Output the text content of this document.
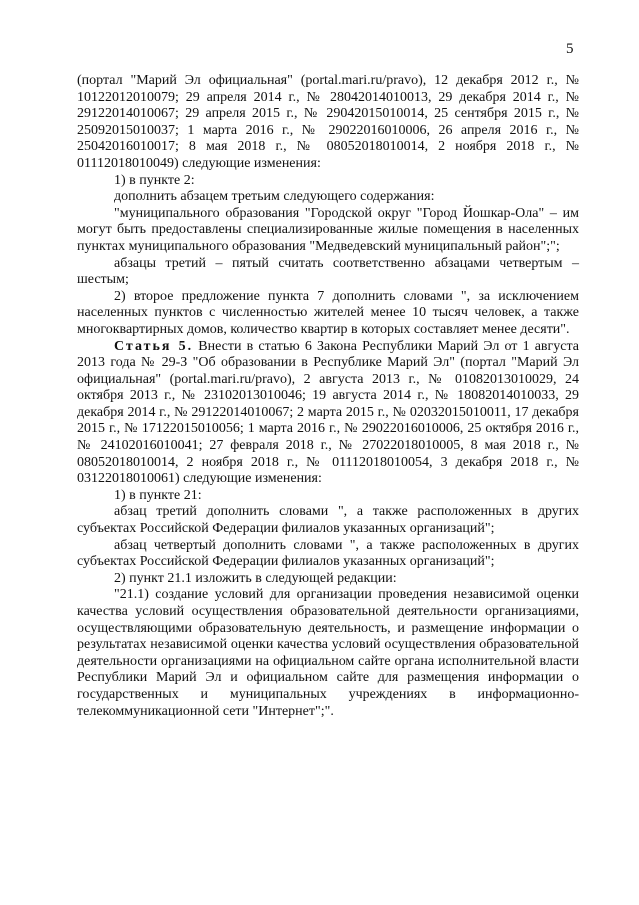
5

(портал "Марий Эл официальная" (portal.mari.ru/pravo), 12 декабря 2012 г., № 10122012010079; 29 апреля 2014 г., № 28042014010013, 29 декабря 2014 г., № 29122014010067; 29 апреля 2015 г., № 29042015010014, 25 сентября 2015 г., № 25092015010037; 1 марта 2016 г., № 29022016010006, 26 апреля 2016 г., № 25042016010017; 8 мая 2018 г., № 08052018010014, 2 ноября 2018 г., № 01112018010049) следующие изменения:

1) в пункте 2:

дополнить абзацем третьим следующего содержания:

"муниципального образования "Городской округ "Город Йошкар-Ола" – им могут быть предоставлены специализированные жилые помещения в населенных пунктах муниципального образования "Медведевский муниципальный район";";

абзацы третий – пятый считать соответственно абзацами четвертым – шестым;

2) второе предложение пункта 7 дополнить словами ", за исключением населенных пунктов с численностью жителей менее 10 тысяч человек, а также многоквартирных домов, количество квартир в которых составляет менее десяти".

Статья 5. Внести в статью 6 Закона Республики Марий Эл от 1 августа 2013 года № 29-З "Об образовании в Республике Марий Эл" (портал "Марий Эл официальная" (portal.mari.ru/pravo), 2 августа 2013 г., № 01082013010029, 24 октября 2013 г., № 23102013010046; 19 августа 2014 г., № 18082014010033, 29 декабря 2014 г., № 29122014010067; 2 марта 2015 г., № 02032015010011, 17 декабря 2015 г., № 17122015010056; 1 марта 2016 г., № 29022016010006, 25 октября 2016 г., № 24102016010041; 27 февраля 2018 г., № 27022018010005, 8 мая 2018 г., № 08052018010014, 2 ноября 2018 г., № 01112018010054, 3 декабря 2018 г., № 03122018010061) следующие изменения:

1) в пункте 21:

абзац третий дополнить словами ", а также расположенных в других субъектах Российской Федерации филиалов указанных организаций";

абзац четвертый дополнить словами ", а также расположенных в других субъектах Российской Федерации филиалов указанных организаций";

2) пункт 21.1 изложить в следующей редакции:

"21.1) создание условий для организации проведения независимой оценки качества условий осуществления образовательной деятельности организациями, осуществляющими образовательную деятельность, и размещение информации о результатах независимой оценки качества условий осуществления образовательной деятельности организациями на официальном сайте органа исполнительной власти Республики Марий Эл и официальном сайте для размещения информации о государственных и муниципальных учреждениях в информационно-телекоммуникационной сети "Интернет";".
